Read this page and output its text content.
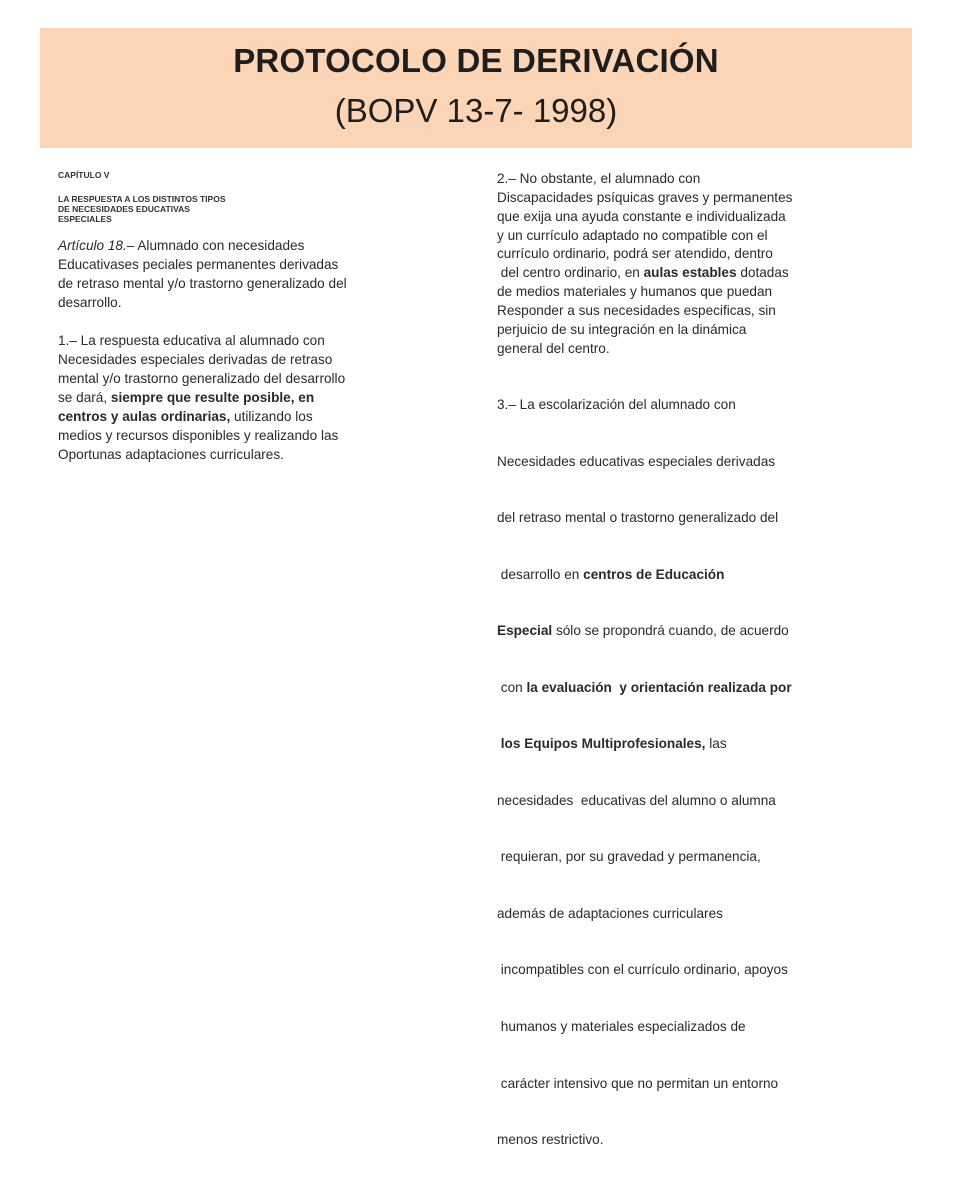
PROTOCOLO DE DERIVACIÓN
(BOPV 13-7- 1998)

CAPÍTULO V

LA RESPUESTA A LOS DISTINTOS TIPOS

DE NECESIDADES EDUCATIVAS

ESPECIALES

Artículo 18.– Alumnado con necesidades

Educativases peciales permanentes derivadas

de retraso mental y/o trastorno generalizado del

desarrollo.

1.– La respuesta educativa al alumnado con

Necesidades especiales derivadas de retraso

mental y/o trastorno generalizado del desarrollo

se dará, siempre que resulte posible, en

centros y aulas ordinarias, utilizando los

medios y recursos disponibles y realizando las

Oportunas adaptaciones curriculares.

2.– No obstante, el alumnado con

Discapacidades psíquicas graves y permanentes

que exija una ayuda constante e individualizada

y un currículo adaptado no compatible con el

currículo ordinario, podrá ser atendido, dentro

del centro ordinario, en aulas estables dotadas

de medios materiales y humanos que puedan

Responder a sus necesidades especificas, sin

perjuicio de su integración en la dinámica

general del centro.

3.– La escolarización del alumnado con

Necesidades educativas especiales derivadas

del retraso mental o trastorno generalizado del

desarrollo en centros de Educación

Especial sólo se propondrá cuando, de acuerdo

con la evaluación  y orientación realizada por

los Equipos Multiprofesionales, las

necesidades  educativas del alumno o alumna

requieran, por su gravedad y permanencia,

además de adaptaciones curriculares

incompatibles con el currículo ordinario, apoyos

humanos y materiales especializados de

carácter intensivo que no permitan un entorno

menos restrictivo.
